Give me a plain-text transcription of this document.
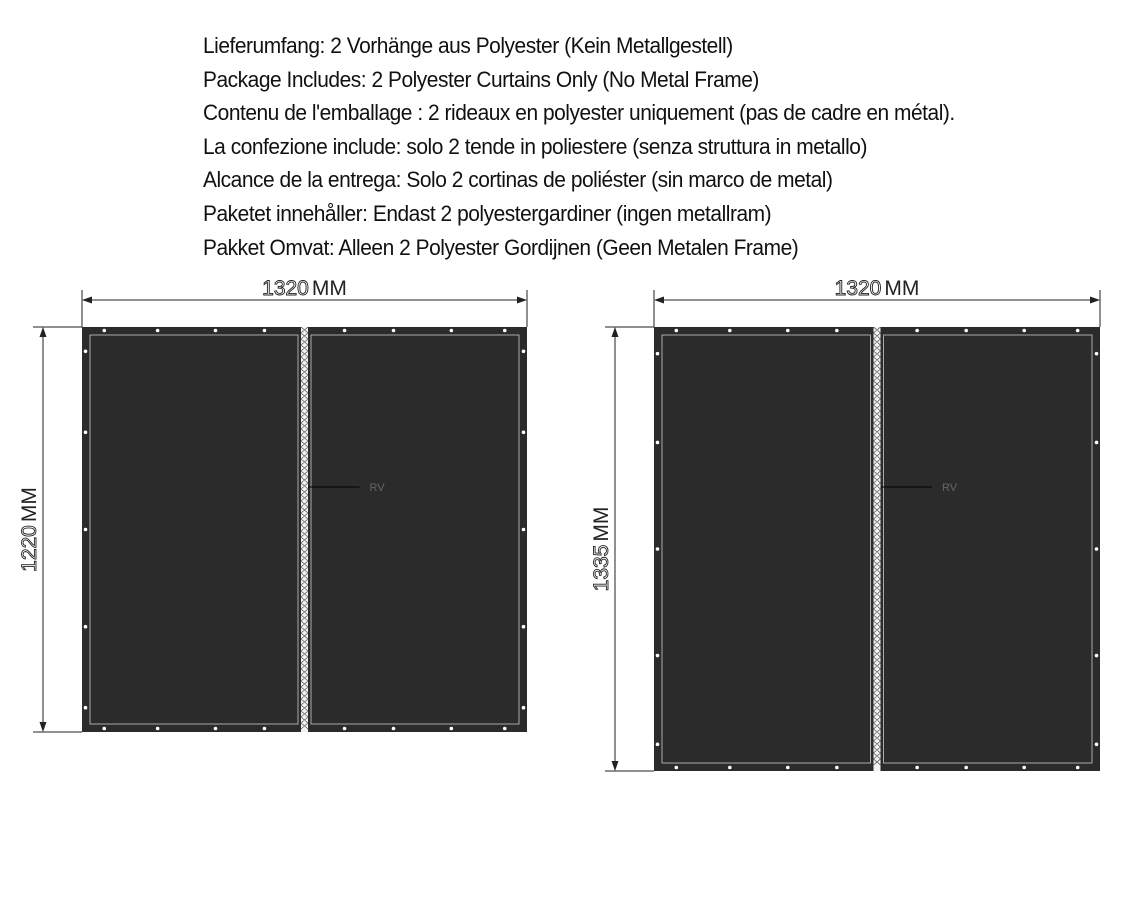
Lieferumfang: 2 Vorhänge aus Polyester (Kein Metallgestell)
Package Includes: 2 Polyester Curtains Only (No Metal Frame)
Contenu de l'emballage : 2 rideaux en polyester uniquement (pas de cadre en métal).
La confezione include: solo 2 tende in poliestere (senza struttura in metallo)
Alcance de la entrega: Solo 2 cortinas de poliéster (sin marco de metal)
Paketet innehåller: Endast 2 polyestergardiner (ingen metallram)
Pakket Omvat: Alleen 2 Polyester Gordijnen (Geen Metalen Frame)
1320 MM
1220MM	RV
1320 MM
1335MM
RV
